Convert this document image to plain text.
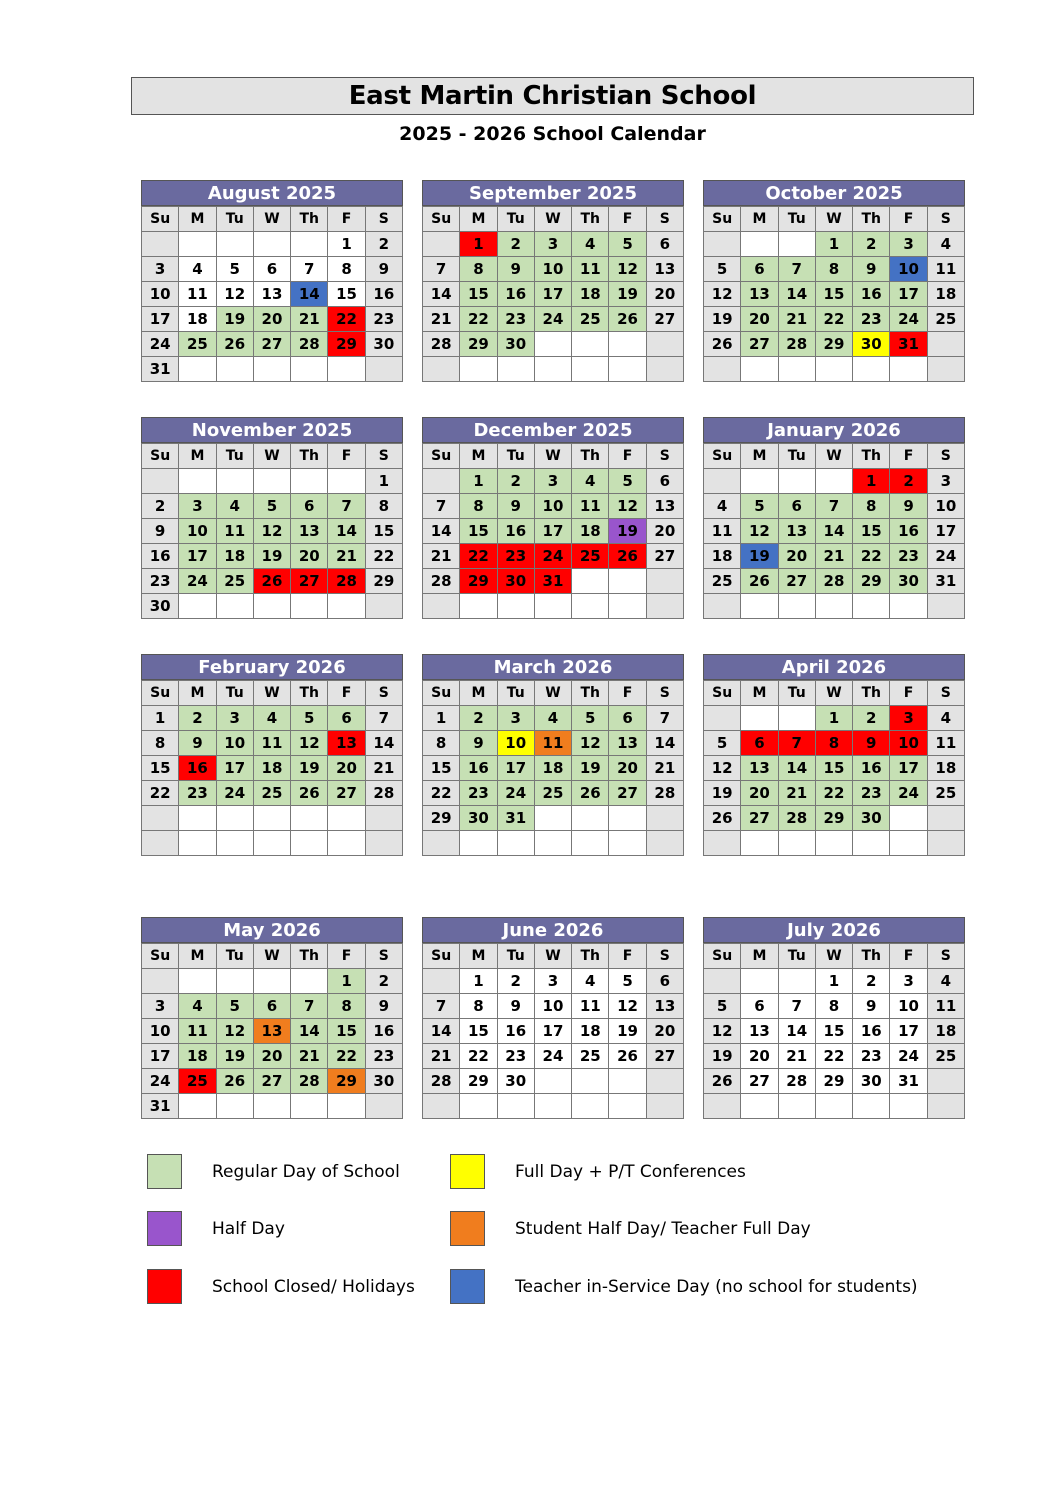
East Martin Christian School
2025 - 2026 School Calendar
August 2025
Su	M	Tu	W	Th	F	S
					1	2
3	4	5	6	7	8	9
10	11	12	13	14	15	16
17	18	19	20	21	22	23
24	25	26	27	28	29	30
31						
September 2025
Su	M	Tu	W	Th	F	S
	1	2	3	4	5	6
7	8	9	10	11	12	13
14	15	16	17	18	19	20
21	22	23	24	25	26	27
28	29	30				

October 2025
Su	M	Tu	W	Th	F	S
			1	2	3	4
5	6	7	8	9	10	11
12	13	14	15	16	17	18
19	20	21	22	23	24	25
26	27	28	29	30	31	

November 2025
Su	M	Tu	W	Th	F	S
						1
2	3	4	5	6	7	8
9	10	11	12	13	14	15
16	17	18	19	20	21	22
23	24	25	26	27	28	29
30						
December 2025
Su	M	Tu	W	Th	F	S
	1	2	3	4	5	6
7	8	9	10	11	12	13
14	15	16	17	18	19	20
21	22	23	24	25	26	27
28	29	30	31			

January 2026
Su	M	Tu	W	Th	F	S
				1	2	3
4	5	6	7	8	9	10
11	12	13	14	15	16	17
18	19	20	21	22	23	24
25	26	27	28	29	30	31

February 2026
Su	M	Tu	W	Th	F	S
1	2	3	4	5	6	7
8	9	10	11	12	13	14
15	16	17	18	19	20	21
22	23	24	25	26	27	28

March 2026
Su	M	Tu	W	Th	F	S
1	2	3	4	5	6	7
8	9	10	11	12	13	14
15	16	17	18	19	20	21
22	23	24	25	26	27	28
29	30	31				

April 2026
Su	M	Tu	W	Th	F	S
			1	2	3	4
5	6	7	8	9	10	11
12	13	14	15	16	17	18
19	20	21	22	23	24	25
26	27	28	29	30		

May 2026
Su	M	Tu	W	Th	F	S
					1	2
3	4	5	6	7	8	9
10	11	12	13	14	15	16
17	18	19	20	21	22	23
24	25	26	27	28	29	30
31						
June 2026
Su	M	Tu	W	Th	F	S
	1	2	3	4	5	6
7	8	9	10	11	12	13
14	15	16	17	18	19	20
21	22	23	24	25	26	27
28	29	30				

July 2026
Su	M	Tu	W	Th	F	S
			1	2	3	4
5	6	7	8	9	10	11
12	13	14	15	16	17	18
19	20	21	22	23	24	25
26	27	28	29	30	31	

Regular Day of School
Half Day
School Closed/ Holidays
Full Day + P/T Conferences
Student Half Day/ Teacher Full Day
Teacher in-Service Day (no school for students)
